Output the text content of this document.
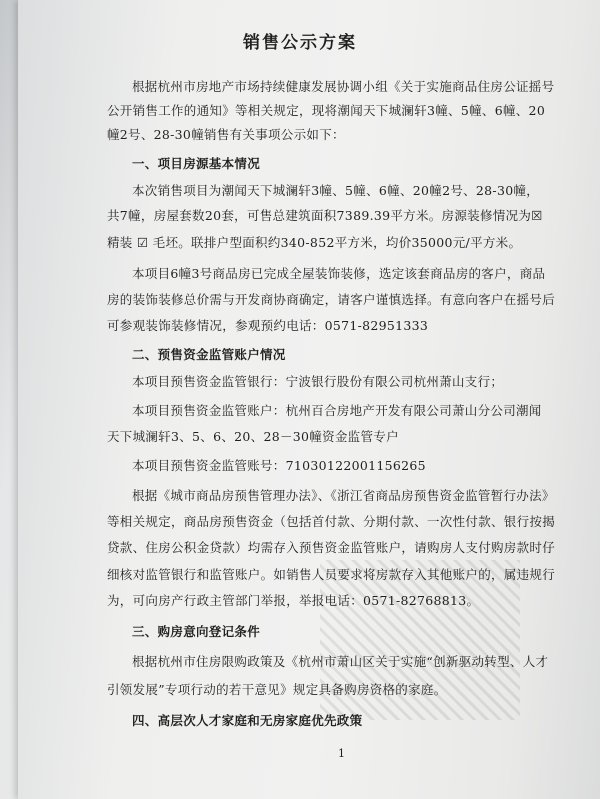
销售公示方案
根据杭州市房地产市场持续健康发展协调小组《关于实施商品住房公证摇号
公开销售工作的通知》等相关规定，现将潮闻天下城澜轩3幢、5幢、6幢、20
幢2号、28-30幢销售有关事项公示如下：
一、项目房源基本情况
本次销售项目为潮闻天下城澜轩3幢、5幢、6幢、20幢2号、28-30幢，
共7幢，房屋套数20套，可售总建筑面积7389.39平方米。房源装修情况为☒
精装 ☑ 毛坯。联排户型面积约340-852平方米，均价35000元/平方米。
本项目6幢3号商品房已完成全屋装饰装修，选定该套商品房的客户，商品
房的装饰装修总价需与开发商协商确定，请客户谨慎选择。有意向客户在摇号后
可参观装饰装修情况，参观预约电话：0571-82951333
二、预售资金监管账户情况
本项目预售资金监管银行：宁波银行股份有限公司杭州萧山支行；
本项目预售资金监管账户：杭州百合房地产开发有限公司萧山分公司潮闻
天下城澜轩3、5、6、20、28－30幢资金监管专户
本项目预售资金监管账号：71030122001156265
根据《城市商品房预售管理办法》、《浙江省商品房预售资金监管暂行办法》
等相关规定，商品房预售资金（包括首付款、分期付款、一次性付款、银行按揭
贷款、住房公积金贷款）均需存入预售资金监管账户，请购房人支付购房款时仔
细核对监管银行和监管账户。如销售人员要求将房款存入其他账户的，属违规行
为，可向房产行政主管部门举报，举报电话：0571-82768813。
三、购房意向登记条件
根据杭州市住房限购政策及《杭州市萧山区关于实施“创新驱动转型、人才
引领发展”专项行动的若干意见》规定具备购房资格的家庭。
四、高层次人才家庭和无房家庭优先政策
1
